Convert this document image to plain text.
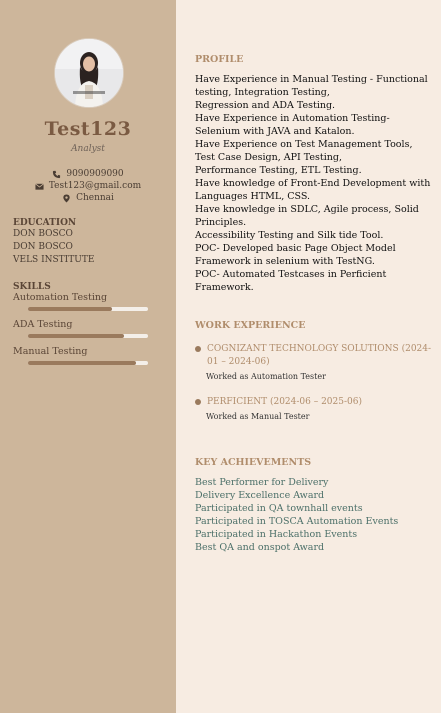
Test123
Analyst
9090909090
Test123@gmail.com
Chennai
EDUCATION
DON BOSCO
DON BOSCO
VELS INSTITUTE
SKILLS
Automation Testing
ADA Testing
Manual Testing
PROFILE
Have Experience in Manual Testing - Functional testing, Integration Testing,
Regression and ADA Testing.
Have Experience in Automation Testing- Selenium with JAVA and Katalon.
Have Experience on Test Management Tools, Test Case Design, API Testing,
Performance Testing, ETL Testing.
Have knowledge of Front-End Development with Languages HTML, CSS.
Have knowledge in SDLC, Agile process, Solid Principles.
Accessibility Testing and Silk tide Tool.
POC- Developed basic Page Object Model Framework in selenium with TestNG.
POC- Automated Testcases in Perficient Framework.
WORK EXPERIENCE
COGNIZANT TECHNOLOGY SOLUTIONS (2024-01 – 2024-06)
Worked as Automation Tester
PERFICIENT (2024-06 – 2025-06)
Worked as Manual Tester
KEY ACHIEVEMENTS
Best Performer for Delivery
Delivery Excellence Award
Participated in QA townhall events
Participated in TOSCA Automation Events
Participated in Hackathon Events
Best QA and onspot Award
